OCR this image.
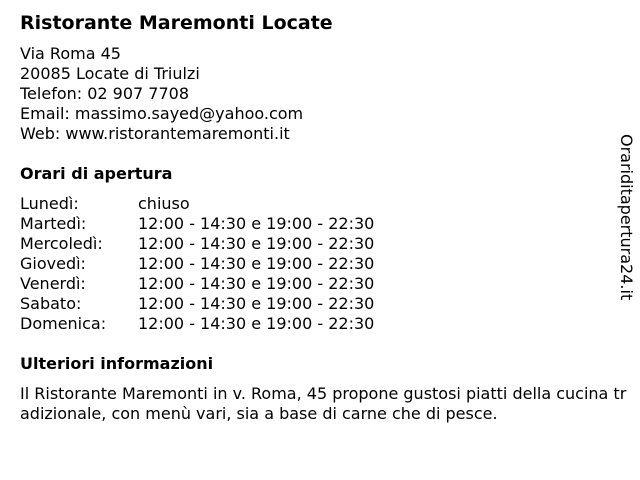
Ristorante Maremonti Locate
Via Roma 45
20085 Locate di Triulzi
Telefon: 02 907 7708
Email: massimo.sayed@yahoo.com
Web: www.ristorantemaremonti.it
Orari di apertura
Lunedì:	chiuso
Martedì:	12:00 - 14:30 e 19:00 - 22:30
Mercoledì: 12:00 - 14:30 e 19:00 - 22:30
Giovedì:	12:00 - 14:30 e 19:00 - 22:30
Venerdì:	12:00 - 14:30 e 19:00 - 22:30
Sabato:	12:00 - 14:30 e 19:00 - 22:30
Domenica: 12:00 - 14:30 e 19:00 - 22:30
Ulteriori informazioni

Il Ristorante Maremonti in v. Roma, 45 propone gustosi piatti della cucina tradizionale, con menù vari, sia a base di carne che di pesce.

Orariditapertura24.it
